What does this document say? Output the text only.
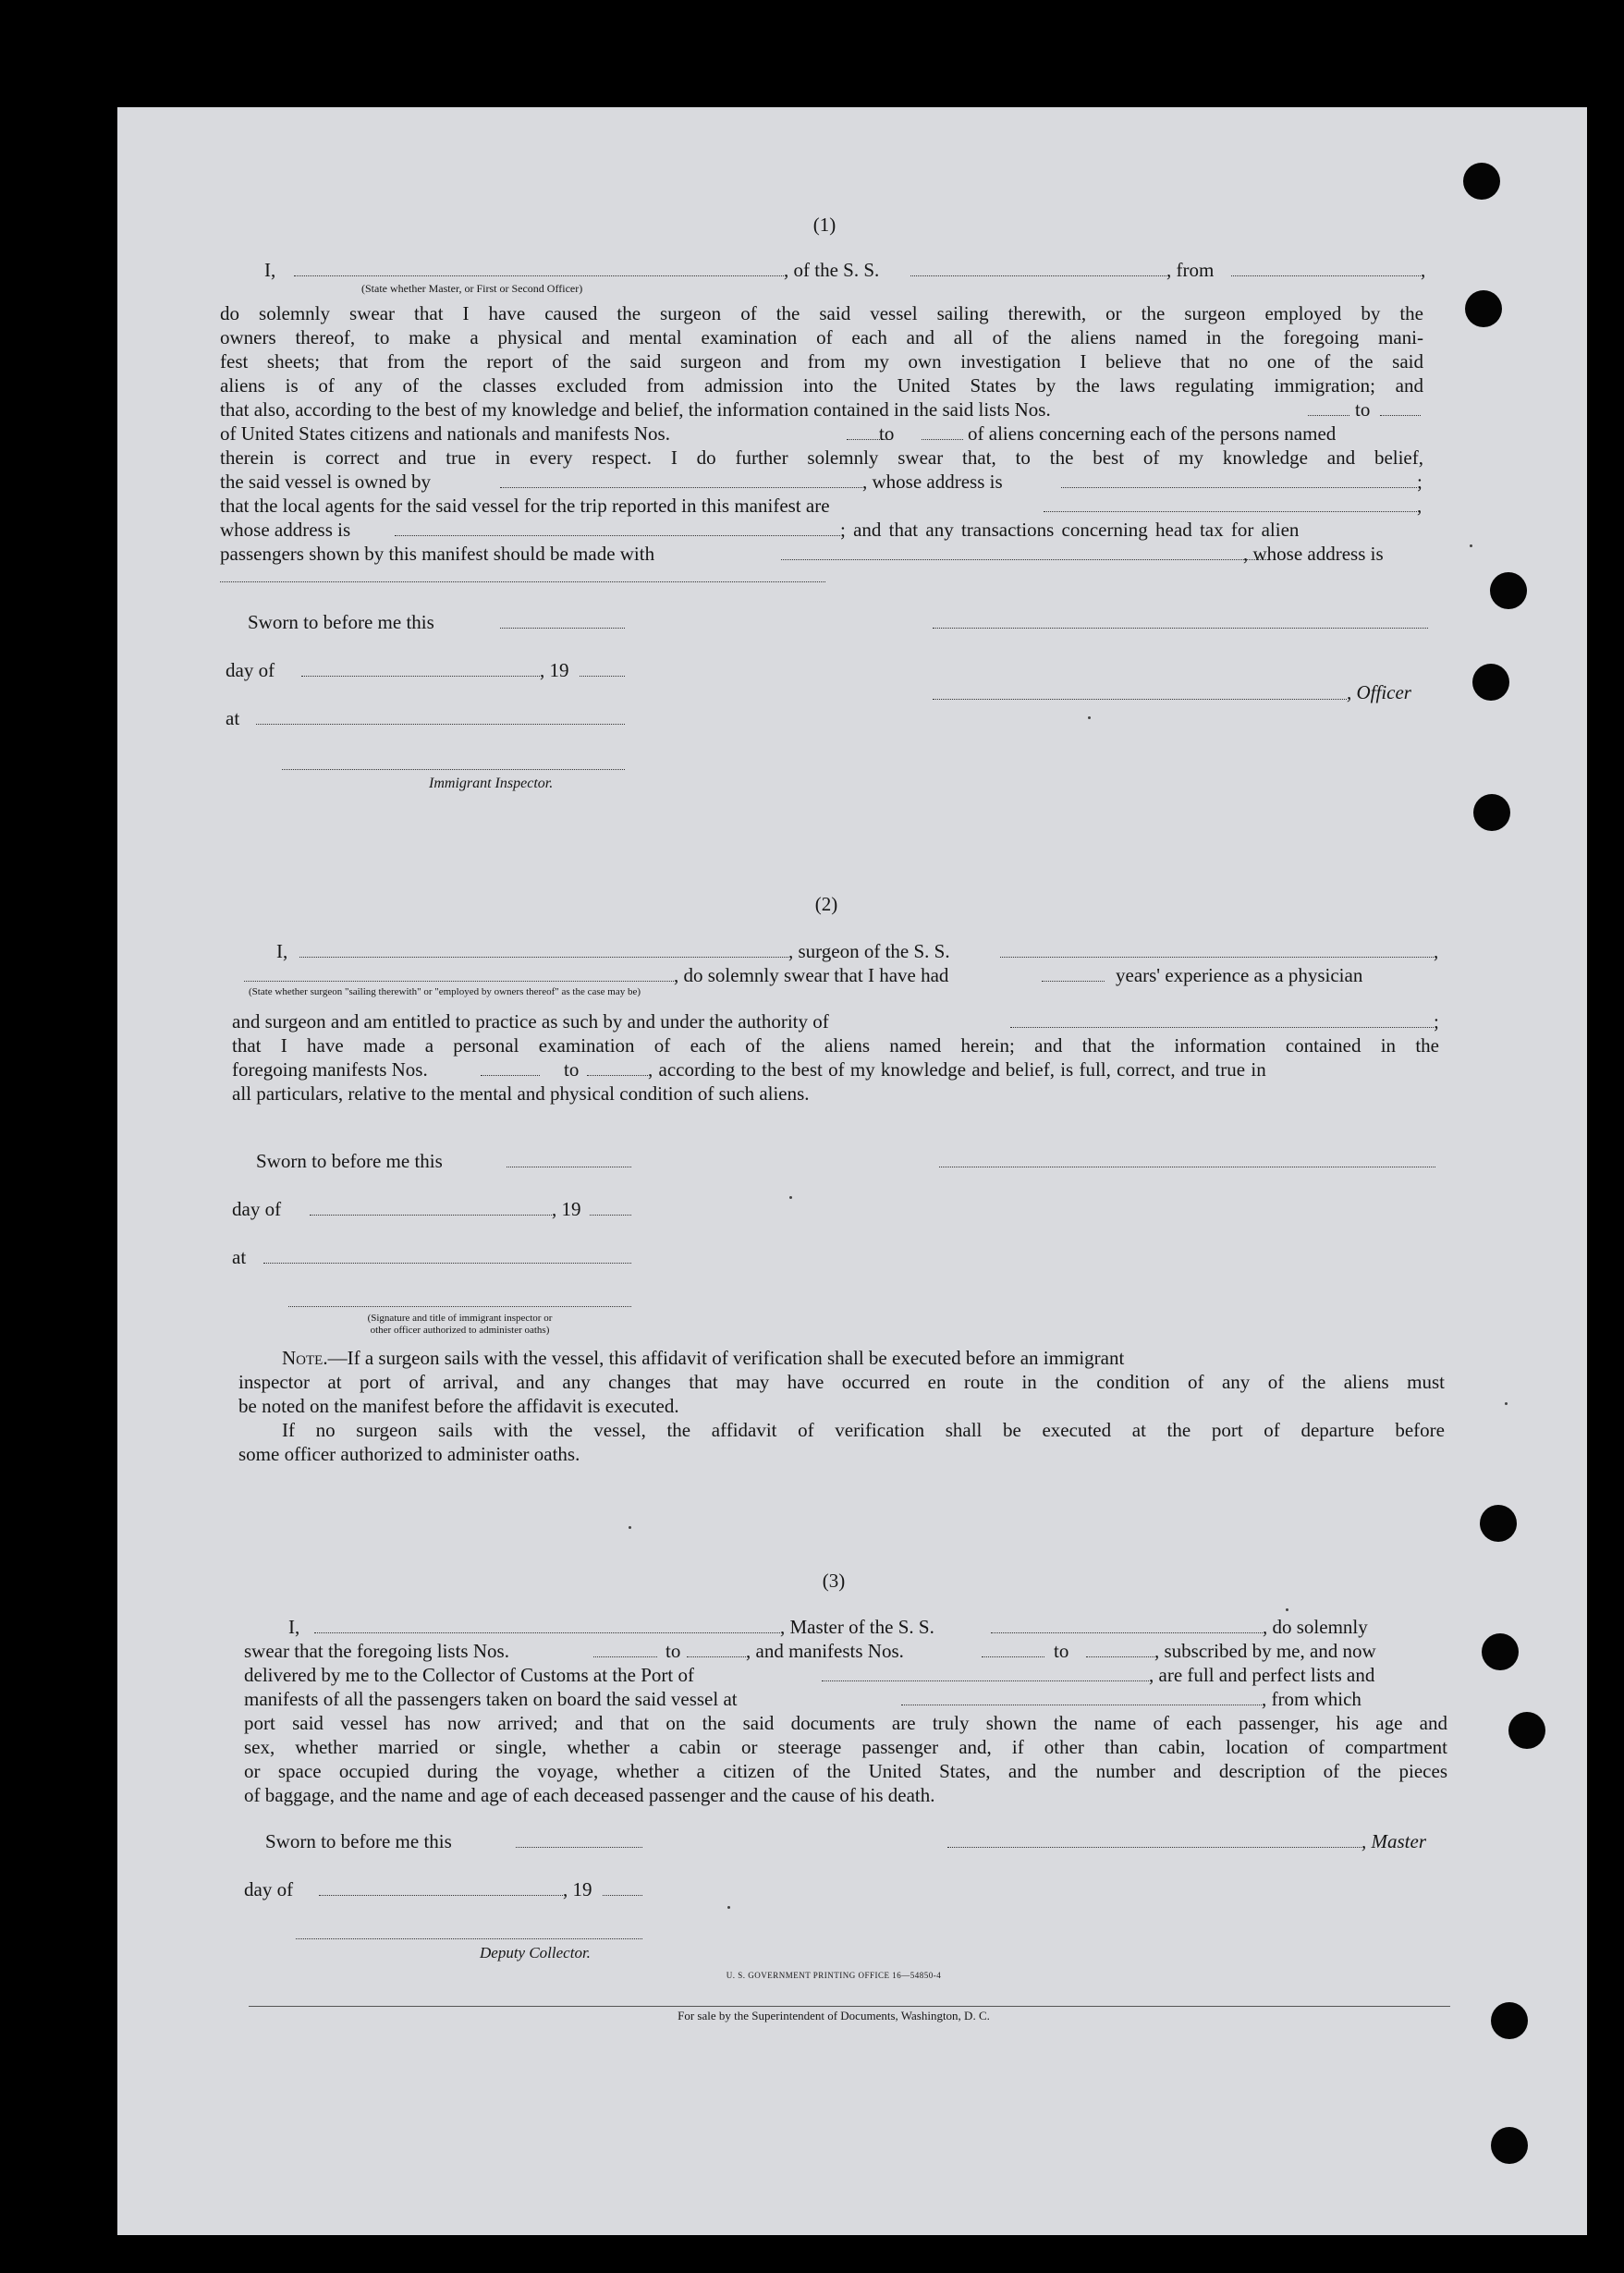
(1)
I,	, of the S. S.	, from	,
(State whether Master, or First or Second Officer)
do solemnly swear that I have caused the surgeon of the said vessel sailing therewith, or the surgeon employed by the
owners thereof, to make a physical and mental examination of each and all of the aliens named in the foregoing mani-
fest sheets; that from the report of the said surgeon and from my own investigation I believe that no one of the said
aliens is of any of the classes excluded from admission into the United States by the laws regulating immigration; and
that also, according to the best of my knowledge and belief, the information contained in the said lists Nos.	to
of United States citizens and nationals and manifests Nos.	to	of aliens concerning each of the persons named
therein is correct and true in every respect. I do further solemnly swear that, to the best of my knowledge and belief,
the said vessel is owned by	, whose address is	;
that the local agents for the said vessel for the trip reported in this manifest are	,
whose address is	; and that any transactions concerning head tax for alien
passengers shown by this manifest should be made with	, whose address is
Sworn to before me this
day of	, 19
, Officer
at
Immigrant Inspector.
(2)
I,	, surgeon of the S. S.	,
, do solemnly swear that I have had	years' experience as a physician
(State whether surgeon "sailing therewith" or "employed by owners thereof" as the case may be)
and surgeon and am entitled to practice as such by and under the authority of	;
that I have made a personal examination of each of the aliens named herein; and that the information contained in the
foregoing manifests Nos.	to	, according to the best of my knowledge and belief, is full, correct, and true in
all particulars, relative to the mental and physical condition of such aliens.
Sworn to before me this
day of	, 19
at
(Signature and title of immigrant inspector or
other officer authorized to administer oaths)
Note.—If a surgeon sails with the vessel, this affidavit of verification shall be executed before an immigrant
inspector at port of arrival, and any changes that may have occurred en route in the condition of any of the aliens must
be noted on the manifest before the affidavit is executed.
If no surgeon sails with the vessel, the affidavit of verification shall be executed at the port of departure before
some officer authorized to administer oaths.
(3)
I,	, Master of the S. S.	, do solemnly
swear that the foregoing lists Nos.	to	, and manifests Nos.	to	, subscribed by me, and now
delivered by me to the Collector of Customs at the Port of	, are full and perfect lists and
manifests of all the passengers taken on board the said vessel at	, from which
port said vessel has now arrived; and that on the said documents are truly shown the name of each passenger, his age and
sex, whether married or single, whether a cabin or steerage passenger and, if other than cabin, location of compartment
or space occupied during the voyage, whether a citizen of the United States, and the number and description of the pieces
of baggage, and the name and age of each deceased passenger and the cause of his death.
Sworn to before me this	, Master
day of	, 19
Deputy Collector.
U. S. GOVERNMENT PRINTING OFFICE 16—54850-4
For sale by the Superintendent of Documents, Washington, D. C.
